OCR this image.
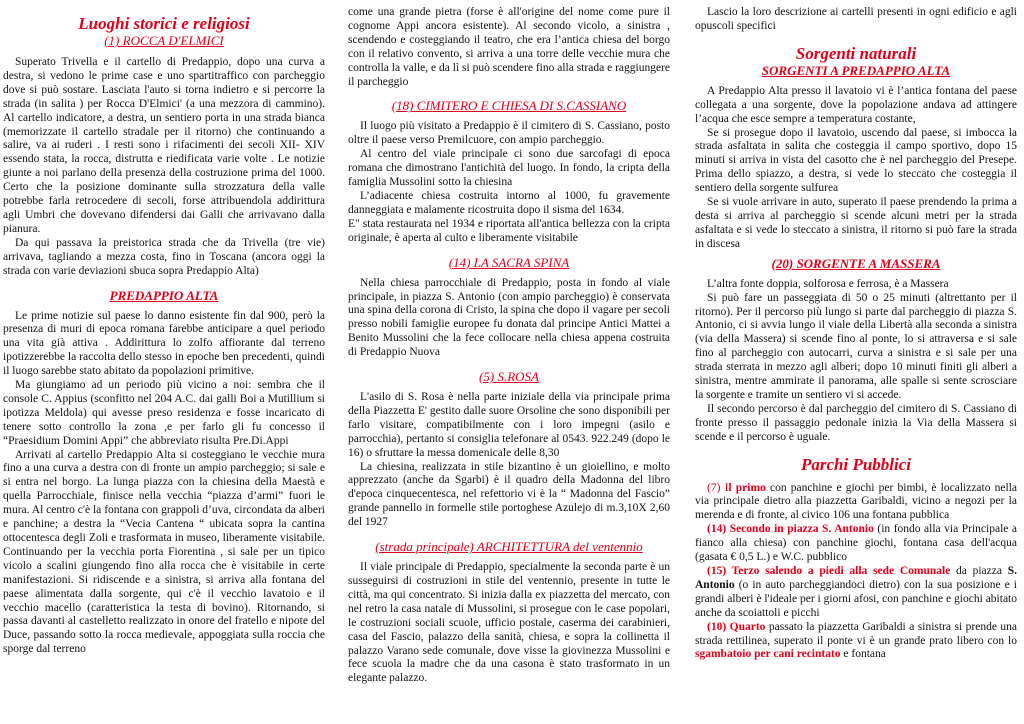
Luoghi storici e religiosi
(1) ROCCA D'ELMICI

Superato Trivella e il cartello di Predappio, dopo una curva a destra, si vedono le prime case e uno spartitraffico con parcheggio dove si può sostare. Lasciata l'auto si torna indietro e si percorre la strada (in salita ) per Rocca D'Elmici' (a una mezzora di cammino). Al cartello indicatore, a destra, un sentiero porta in una strada bianca (memorizzate il cartello stradale per il ritorno) che continuando a salire, va ai ruderi . I resti sono i rifacimenti dei secoli XII- XIV essendo stata, la rocca, distrutta e riedificata varie volte . Le notizie giunte a noi parlano della presenza della costruzione prima del 1000. Certo che la posizione dominante sulla strozzatura della valle potrebbe farla retrocedere di secoli, forse attribuendola addirittura agli Umbri che dovevano difendersi dai Galli che arrivavano dalla pianura.

Da qui passava la preistorica strada che da Trivella (tre vie) arrivava, tagliando a mezza costa, fino in Toscana (ancora oggi la strada con varie deviazioni sbuca sopra Predappio Alta)

PREDAPPIO ALTA

Le prime notizie sul paese lo danno esistente fin dal 900, però la presenza di muri di epoca romana farebbe anticipare a quel periodo una vita già attiva . Addirittura lo zolfo affiorante dal terreno ipotizzerebbe la raccolta dello stesso in epoche ben precedenti, quindi il luogo sarebbe stato abitato da popolazioni primitive.

Ma giungiamo ad un periodo più vicino a noi: sembra che il console C. Appius (sconfitto nel 204 A.C. dai galli Boi a Mutillium si ipotizza Meldola) qui avesse preso residenza e fosse incaricato di tenere sotto controllo la zona ,e per farlo gli fu concesso il “Praesidium Domini Appi” che abbreviato risulta Pre.Di.Appi

Arrivati al cartello Predappio Alta si costeggiano le vecchie mura fino a una curva a destra con di fronte un ampio parcheggio; si sale e si entra nel borgo. La lunga piazza con la chiesina della Maestà e quella Parrocchiale, finisce nella vecchia “piazza d’armi” fuori le mura. Al centro c'è la fontana con grappoli d’uva, circondata da alberi e panchine; a destra la “Vecia Cantena “ ubicata sopra la cantina ottocentesca degli Zoli e trasformata in museo, liberamente visitabile. Continuando per la vecchia porta Fiorentina , si sale per un tipico vicolo a scalini giungendo fino alla rocca che è visitabile in certe manifestazioni. Si ridiscende e a sinistra, si arriva alla fontana del paese alimentata dalla sorgente, qui c'è il vecchio lavatoio e il vecchio macello (caratteristica la testa di bovino). Ritornando, si passa davanti al castelletto realizzato in onore del fratello e nipote del Duce, passando sotto la rocca medievale, appoggiata sulla roccia che sporge dal terreno

come una grande pietra (forse è all'origine del nome come pure il cognome Appi ancora esistente). Al secondo vicolo, a sinistra , scendendo e costeggiando il teatro, che era l’antica chiesa del borgo con il relativo convento, si arriva a una torre delle vecchie mura che controlla la valle, e da lì si può scendere fino alla strada e raggiungere il parcheggio

(18) CIMITERO E CHIESA DI S.CASSIANO

Il luogo più visitato a Predappio è il cimitero di S. Cassiano, posto oltre il paese verso Premilcuore, con ampio parcheggio.

Al centro del viale principale ci sono due sarcofagi di epoca romana che dimostrano l'antichità del luogo. In fondo, la cripta della famiglia Mussolini sotto la chiesina

L’adiacente chiesa costruita intorno al 1000, fu gravemente danneggiata e malamente ricostruita dopo il sisma del 1634.

E" stata restaurata nel 1934 e riportata all'antica bellezza con la cripta originale, è aperta al culto e liberamente visitabile

(14) LA SACRA SPINA

Nella chiesa parrocchiale di Predappio, posta in fondo al viale principale, in piazza S. Antonio (con ampio parcheggio) è conservata una spina della corona di Cristo, la spina che dopo il vagare per secoli presso nobili famiglie europee fu donata dal principe Antici Mattei a Benito Mussolini che la fece collocare nella chiesa appena costruita di Predappio Nuova

(5) S.ROSA

L'asilo di S. Rosa è nella parte iniziale della via principale prima della Piazzetta E' gestito dalle suore Orsoline che sono disponibili per farlo visitare, compatibilmente con i loro impegni (asilo e parrocchia), pertanto si consiglia telefonare al 0543. 922.249 (dopo le 16) o sfruttare la messa domenicale delle 8,30

La chiesina, realizzata in stile bizantino è un gioiellino, e molto apprezzato (anche da Sgarbi) è il quadro della Madonna del libro d'epoca cinquecentesca, nel refettorio vi è la “ Madonna del Fascio” grande pannello in formelle stile portoghese Azulejo di m.3,10X 2,60 del 1927

(strada principale) ARCHITETTURA del ventennio

Il viale principale di Predappio, specialmente la seconda parte è un susseguirsi di costruzioni in stile del ventennio, presente in tutte le città, ma qui concentrato. Si inizia dalla ex piazzetta del mercato, con nel retro la casa natale di Mussolini, si prosegue con le case popolari, le costruzioni sociali scuole, ufficio postale, caserma dei carabinieri, casa del Fascio, palazzo della sanità, chiesa, e sopra la collinetta il palazzo Varano sede comunale, dove visse la giovinezza Mussolini e fece scuola la madre che da una casona è stato trasformato in un elegante palazzo.

Lascio la loro descrizione ai cartelli presenti in ogni edificio e agli opuscoli specifici

Sorgenti naturali
SORGENTI A PREDAPPIO ALTA

A Predappio Alta presso il lavatoio vi è l’antica fontana del paese collegata a una sorgente, dove la popolazione andava ad attingere l’acqua che esce sempre a temperatura costante,

Se si prosegue dopo il lavatoio, uscendo dal paese, si imbocca la strada asfaltata in salita che costeggia il campo sportivo, dopo 15 minuti si arriva in vista del casotto che è nel parcheggio del Presepe. Prima dello spiazzo, a destra, si vede lo steccato che costeggia il sentiero della sorgente sulfurea

Se si vuole arrivare in auto, superato il paese prendendo la prima a desta si arriva al parcheggio si scende alcuni metri per la strada asfaltata e si vede lo steccato a sinistra, il ritorno si può fare la strada in discesa

(20) SORGENTE A MASSERA

L’altra fonte doppia, solforosa e ferrosa, è a Massera

Si può fare un passeggiata di 50 o 25 minuti (altrettanto per il ritorno). Per il percorso più lungo si parte dal parcheggio di piazza S. Antonio, ci si avvia lungo il viale della Libertà alla seconda a sinistra (via della Massera) si scende fino al ponte, lo si attraversa e si sale fino al parcheggio con autocarri, curva a sinistra e si sale per una strada sterrata in mezzo agli alberi; dopo 10 minuti finiti gli alberi a sinistra, mentre ammirate il panorama, alle spalle si sente scrosciare la sorgente e tramite un sentiero vi si accede.

Il secondo percorso è dal parcheggio del cimitero di S. Cassiano di fronte presso il passaggio pedonale inizia la Via della Massera si scende e il percorso è uguale.

Parchi Pubblici

(7) Il primo con panchine e giochi per bimbi, è localizzato nella via principale dietro alla piazzetta Garibaldi, vicino a negozi per la merenda e di fronte, al civico 106 una fontana pubblica

(14) Secondo in piazza S. Antonio (in fondo alla via Principale a fianco alla chiesa) con panchine giochi, fontana casa dell'acqua (gasata € 0,5 L.) e W.C. pubblico

(15) Terzo salendo a piedi alla sede Comunale da piazza S. Antonio (o in auto parcheggiandoci dietro) con la sua posizione e i grandi alberi è l'ideale per i giorni afosi, con panchine e giochi abitato anche da scoiattoli e picchi

(10) Quarto passato la piazzetta Garibaldi a sinistra si prende una strada rettilinea, superato il ponte vi è un grande prato libero con lo sgambatoio per cani recintato e fontana
